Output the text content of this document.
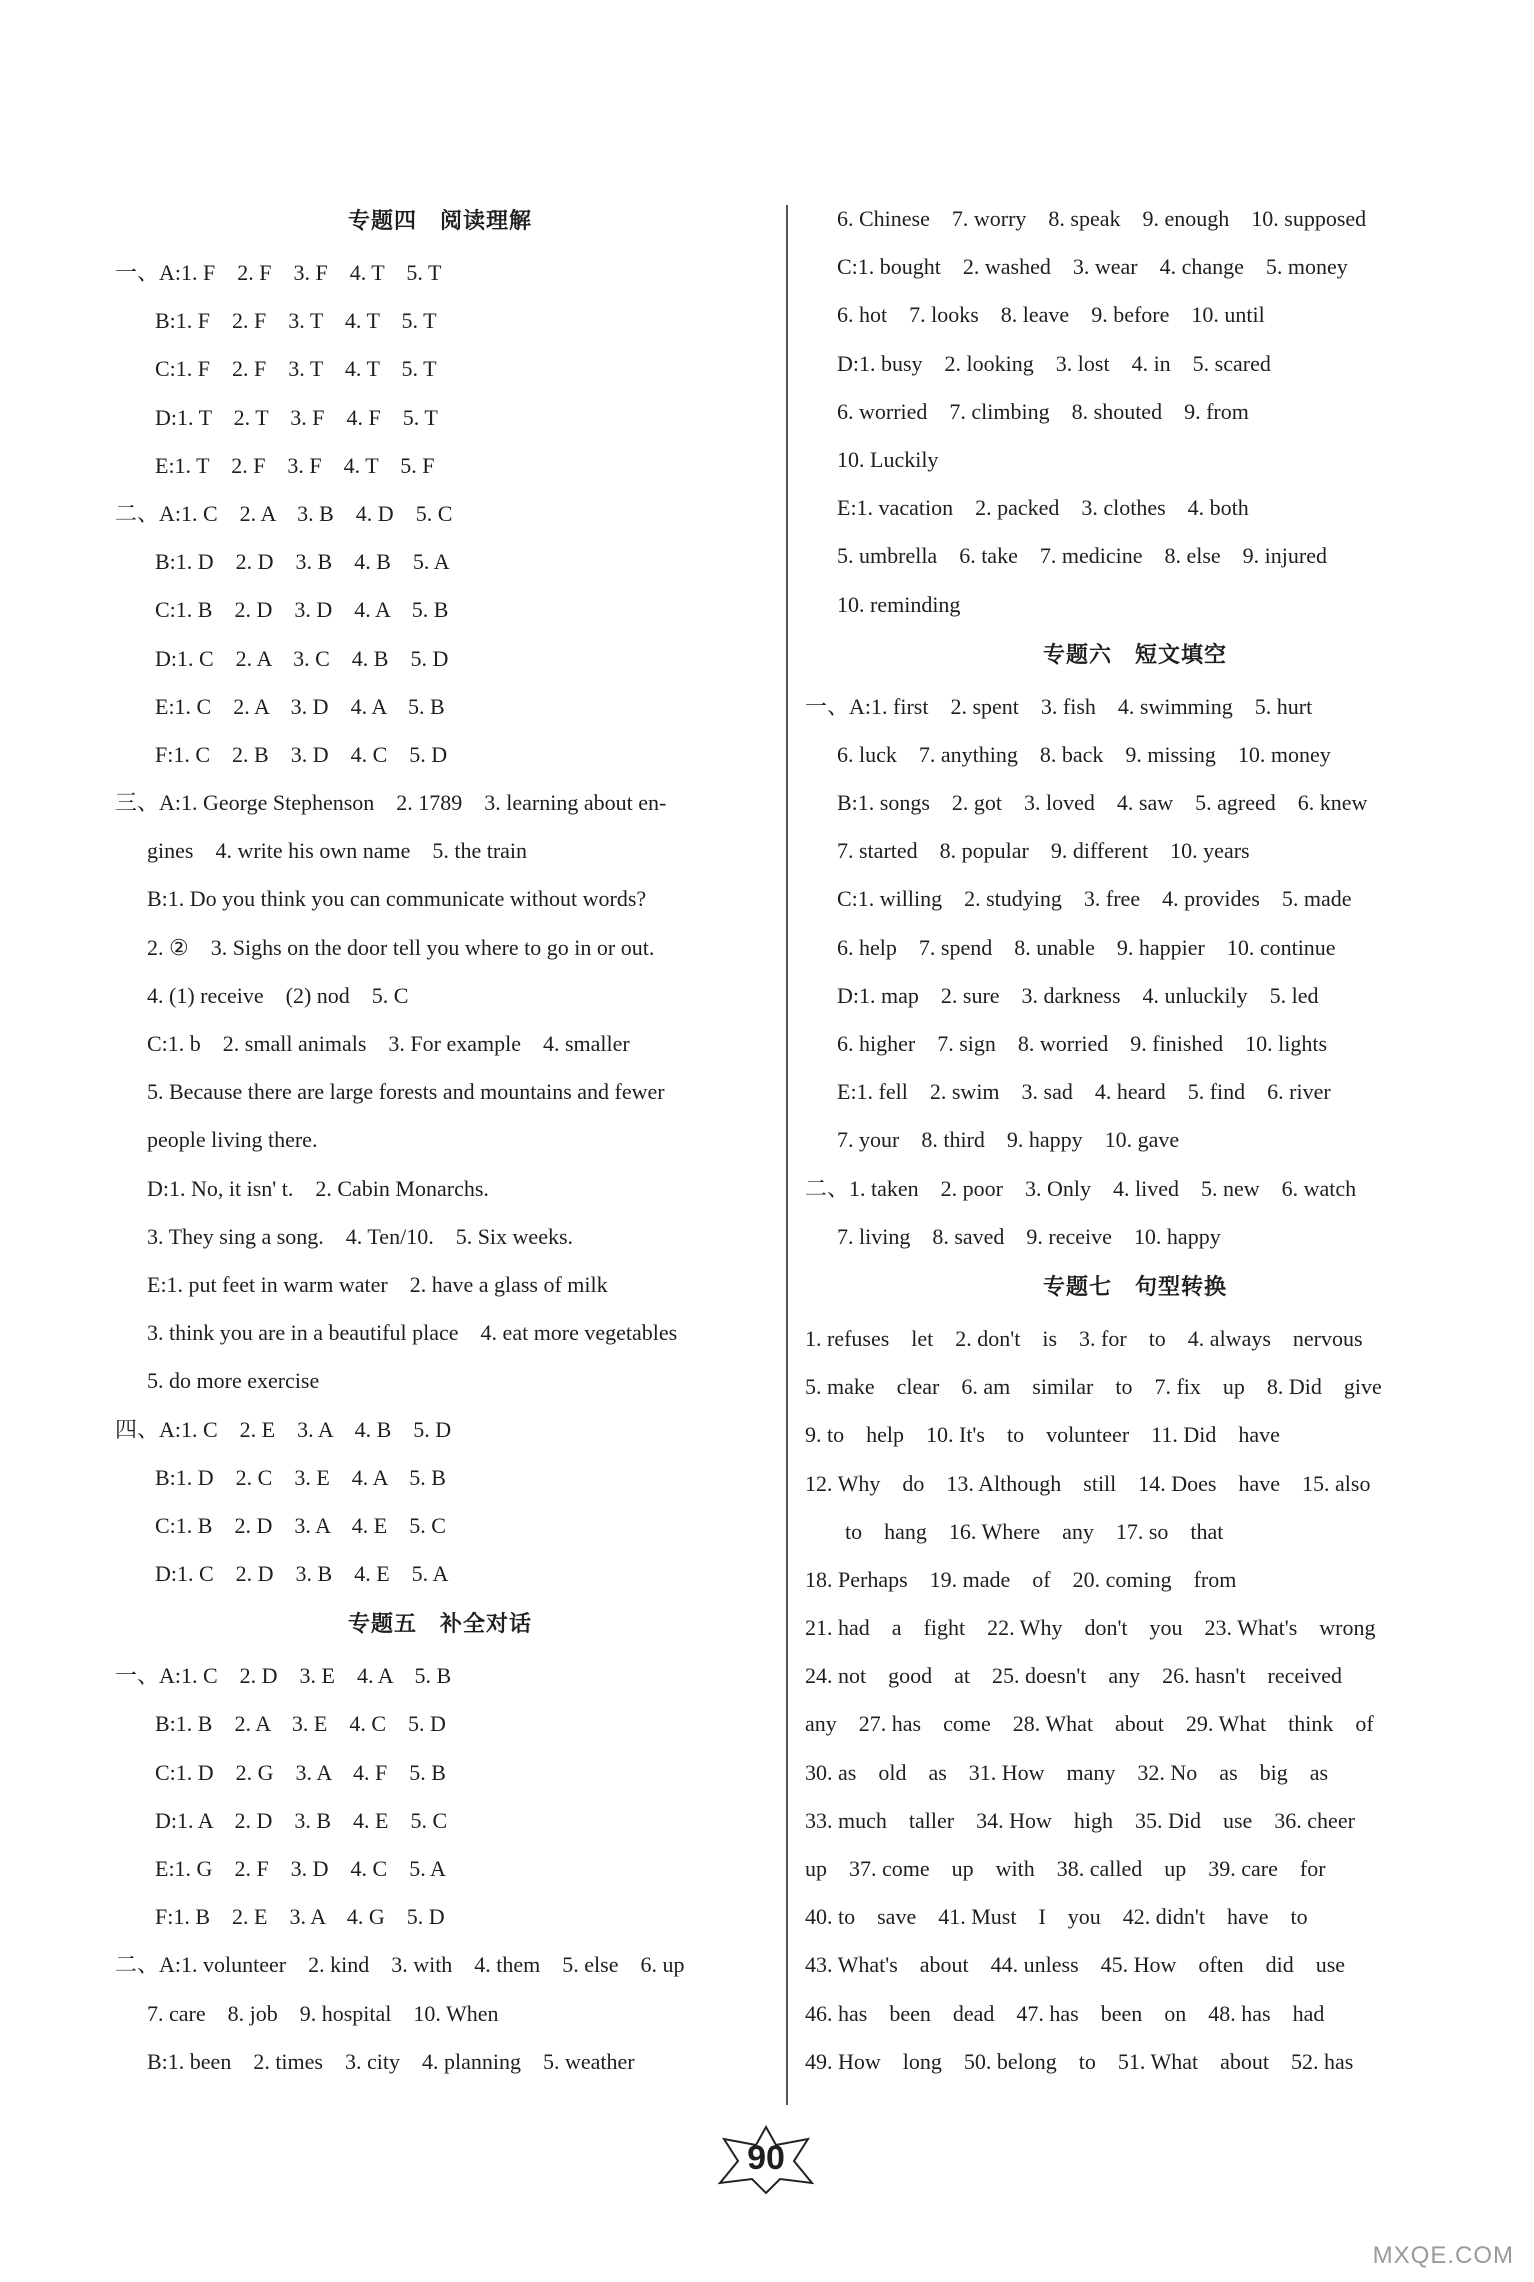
专题四　阅读理解
一、A:1. F　2. F　3. F　4. T　5. T
B:1. F　2. F　3. T　4. T　5. T
C:1. F　2. F　3. T　4. T　5. T
D:1. T　2. T　3. F　4. F　5. T
E:1. T　2. F　3. F　4. T　5. F
二、A:1. C　2. A　3. B　4. D　5. C
B:1. D　2. D　3. B　4. B　5. A
C:1. B　2. D　3. D　4. A　5. B
D:1. C　2. A　3. C　4. B　5. D
E:1. C　2. A　3. D　4. A　5. B
F:1. C　2. B　3. D　4. C　5. D
三、A:1. George Stephenson　2. 1789　3. learning about en-
gines　4. write his own name　5. the train
B:1. Do you think you can communicate without words?
2. ②　3. Sighs on the door tell you where to go in or out.
4. (1) receive　(2) nod　5. C
C:1. b　2. small animals　3. For example　4. smaller
5. Because there are large forests and mountains and fewer
people living there.
D:1. No, it isn' t.　2. Cabin Monarchs.
3. They sing a song.　4. Ten/10.　5. Six weeks.
E:1. put feet in warm water　2. have a glass of milk
3. think you are in a beautiful place　4. eat more vegetables
5. do more exercise
四、A:1. C　2. E　3. A　4. B　5. D
B:1. D　2. C　3. E　4. A　5. B
C:1. B　2. D　3. A　4. E　5. C
D:1. C　2. D　3. B　4. E　5. A
专题五　补全对话
一、A:1. C　2. D　3. E　4. A　5. B
B:1. B　2. A　3. E　4. C　5. D
C:1. D　2. G　3. A　4. F　5. B
D:1. A　2. D　3. B　4. E　5. C
E:1. G　2. F　3. D　4. C　5. A
F:1. B　2. E　3. A　4. G　5. D
二、A:1. volunteer　2. kind　3. with　4. them　5. else　6. up
7. care　8. job　9. hospital　10. When
B:1. been　2. times　3. city　4. planning　5. weather
6. Chinese　7. worry　8. speak　9. enough　10. supposed
C:1. bought　2. washed　3. wear　4. change　5. money
6. hot　7. looks　8. leave　9. before　10. until
D:1. busy　2. looking　3. lost　4. in　5. scared
6. worried　7. climbing　8. shouted　9. from
10. Luckily
E:1. vacation　2. packed　3. clothes　4. both
5. umbrella　6. take　7. medicine　8. else　9. injured
10. reminding
专题六　短文填空
一、A:1. first　2. spent　3. fish　4. swimming　5. hurt
6. luck　7. anything　8. back　9. missing　10. money
B:1. songs　2. got　3. loved　4. saw　5. agreed　6. knew
7. started　8. popular　9. different　10. years
C:1. willing　2. studying　3. free　4. provides　5. made
6. help　7. spend　8. unable　9. happier　10. continue
D:1. map　2. sure　3. darkness　4. unluckily　5. led
6. higher　7. sign　8. worried　9. finished　10. lights
E:1. fell　2. swim　3. sad　4. heard　5. find　6. river
7. your　8. third　9. happy　10. gave
二、1. taken　2. poor　3. Only　4. lived　5. new　6. watch
7. living　8. saved　9. receive　10. happy
专题七　句型转换
1. refuses　let　2. don't　is　3. for　to　4. always　nervous
5. make　clear　6. am　similar　to　7. fix　up　8. Did　give
9. to　help　10. It's　to　volunteer　11. Did　have
12. Why　do　13. Although　still　14. Does　have　15. also
to　hang　16. Where　any　17. so　that
18. Perhaps　19. made　of　20. coming　from
21. had　a　fight　22. Why　don't　you　23. What's　wrong
24. not　good　at　25. doesn't　any　26. hasn't　received
any　27. has　come　28. What　about　29. What　think　of
30. as　old　as　31. How　many　32. No　as　big　as
33. much　taller　34. How　high　35. Did　use　36. cheer
up　37. come　up　with　38. called　up　39. care　for
40. to　save　41. Must　I　you　42. didn't　have　to
43. What's　about　44. unless　45. How　often　did　use
46. has　been　dead　47. has　been　on　48. has　had
49. How　long　50. belong　to　51. What　about　52. has
90
MXQE.COM
